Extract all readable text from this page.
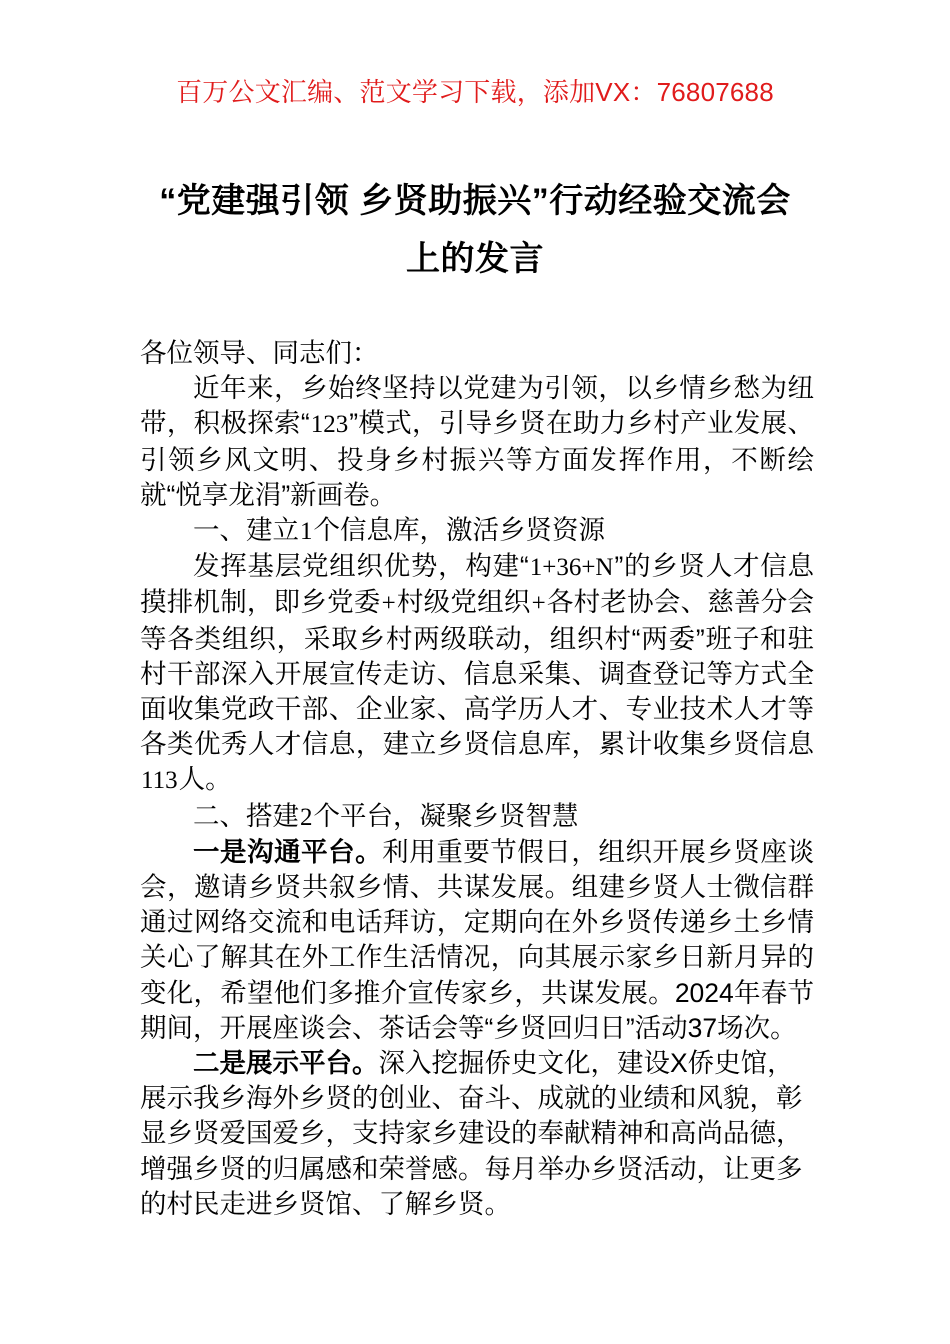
百万公文汇编、范文学习下载，添加VX：76807688
“党建强引领 乡贤助振兴”行动经验交流会
上的发言

各位领导、同志们：

近年来，乡始终坚持以党建为引领，以乡情乡愁为纽带，积极探索“123”模式，引导乡贤在助力乡村产业发展、引领乡风文明、投身乡村振兴等方面发挥作用，不断绘就“悦享龙涓”新画卷。

一、建立1个信息库，激活乡贤资源

发挥基层党组织优势，构建“1+36+N”的乡贤人才信息摸排机制，即乡党委+村级党组织+各村老协会、慈善分会等各类组织，采取乡村两级联动，组织村“两委”班子和驻村干部深入开展宣传走访、信息采集、调查登记等方式全面收集党政干部、企业家、高学历人才、专业技术人才等各类优秀人才信息，建立乡贤信息库，累计收集乡贤信息113人。

二、搭建2个平台，凝聚乡贤智慧

一是沟通平台。利用重要节假日，组织开展乡贤座谈会，邀请乡贤共叙乡情、共谋发展。组建乡贤人士微信群通过网络交流和电话拜访，定期向在外乡贤传递乡土乡情关心了解其在外工作生活情况，向其展示家乡日新月异的变化，希望他们多推介宣传家乡，共谋发展。2024年春节期间，开展座谈会、茶话会等“乡贤回归日”活动37场次。

二是展示平台。深入挖掘侨史文化，建设X侨史馆，展示我乡海外乡贤的创业、奋斗、成就的业绩和风貌，彰显乡贤爱国爱乡，支持家乡建设的奉献精神和高尚品德，增强乡贤的归属感和荣誉感。每月举办乡贤活动，让更多的村民走进乡贤馆、了解乡贤。
